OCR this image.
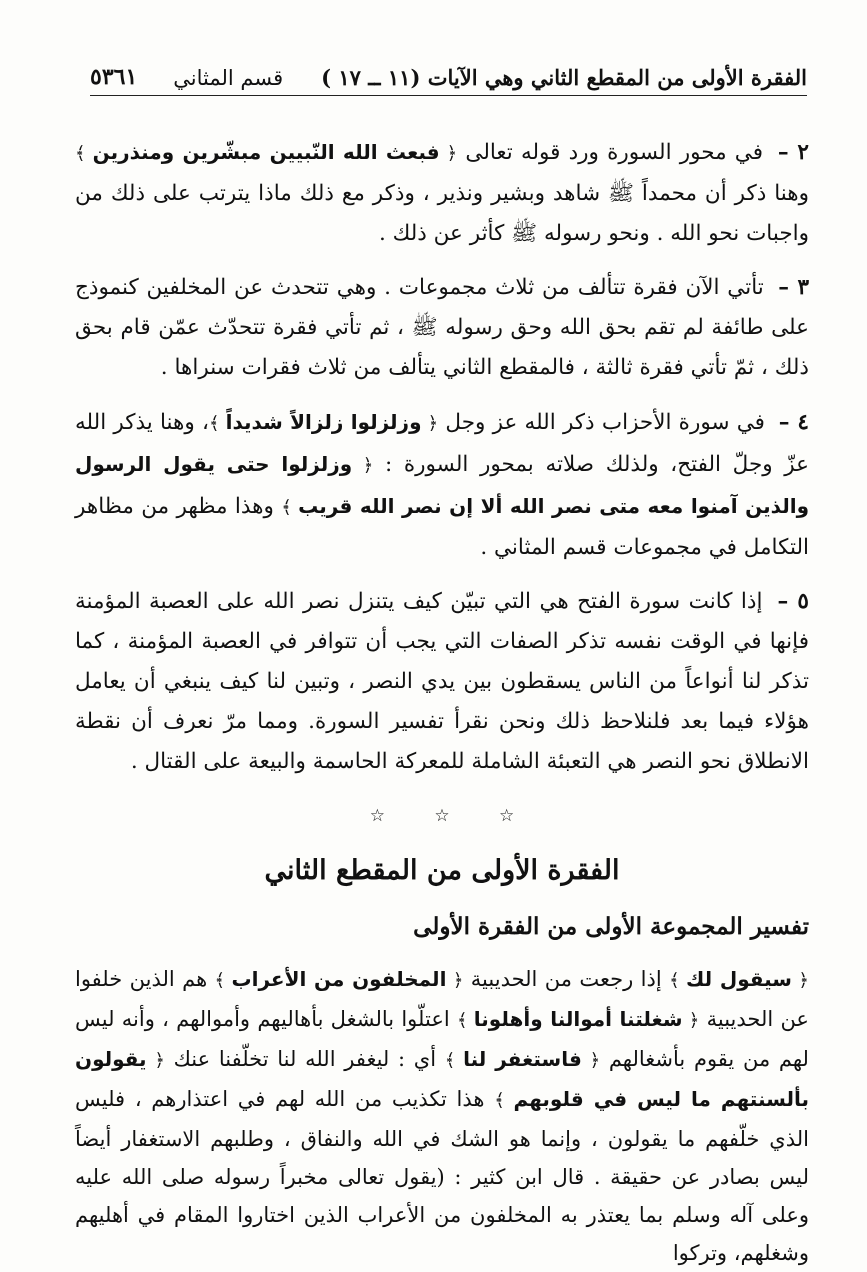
الفقرة الأولى من المقطع الثاني وهي الآيات (١١ ــ ١٧ )
قسم المثاني
٥٣٦١
٢ – في محور السورة ورد قوله تعالى ﴿ فبعث الله النّبيين مبشّرين ومنذرين ﴾ وهنا ذكر أن محمداً ﷺ شاهد وبشير ونذير ، وذكر مع ذلك ماذا يترتب على ذلك من واجبات نحو الله . ونحو رسوله ﷺ كأثر عن ذلك .
٣ – تأتي الآن فقرة تتألف من ثلاث مجموعات . وهي تتحدث عن المخلفين كنموذج على طائفة لم تقم بحق الله وحق رسوله ﷺ ، ثم تأتي فقرة تتحدّث عمّن قام بحق ذلك ، ثمّ تأتي فقرة ثالثة ، فالمقطع الثاني يتألف من ثلاث فقرات سنراها .
٤ – في سورة الأحزاب ذكر الله عز وجل ﴿ وزلزلوا زلزالاً شديداً ﴾، وهنا يذكر الله عزّ وجلّ الفتح، ولذلك صلاته بمحور السورة : ﴿ وزلزلوا حتى يقول الرسول والذين آمنوا معه متى نصر الله ألا إن نصر الله قريب ﴾ وهذا مظهر من مظاهر التكامل في مجموعات قسم المثاني .
٥ – إذا كانت سورة الفتح هي التي تبيّن كيف يتنزل نصر الله على العصبة المؤمنة فإنها في الوقت نفسه تذكر الصفات التي يجب أن تتوافر في العصبة المؤمنة ، كما تذكر لنا أنواعاً من الناس يسقطون بين يدي النصر ، وتبين لنا كيف ينبغي أن يعامل هؤلاء فيما بعد فلنلاحظ ذلك ونحن نقرأ تفسير السورة. ومما مرّ نعرف أن نقطة الانطلاق نحو النصر هي التعبئة الشاملة للمعركة الحاسمة والبيعة على القتال .
☆ ☆ ☆
الفقرة الأولى من المقطع الثاني
تفسير المجموعة الأولى من الفقرة الأولى
﴿ سيقول لك ﴾ إذا رجعت من الحديبية ﴿ المخلفون من الأعراب ﴾ هم الذين خلفوا عن الحديبية ﴿ شغلتنا أموالنا وأهلونا ﴾ اعتلّوا بالشغل بأهاليهم وأموالهم ، وأنه ليس لهم من يقوم بأشغالهم ﴿ فاستغفر لنا ﴾ أي : ليغفر الله لنا تخلّفنا عنك ﴿ يقولون بألسنتهم ما ليس في قلوبهم ﴾ هذا تكذيب من الله لهم في اعتذارهم ، فليس الذي خلّفهم ما يقولون ، وإنما هو الشك في الله والنفاق ، وطلبهم الاستغفار أيضاً ليس بصادر عن حقيقة . قال ابن كثير : (يقول تعالى مخبراً رسوله صلى الله عليه وعلى آله وسلم بما يعتذر به المخلفون من الأعراب الذين اختاروا المقام في أهليهم وشغلهم، وتركوا
